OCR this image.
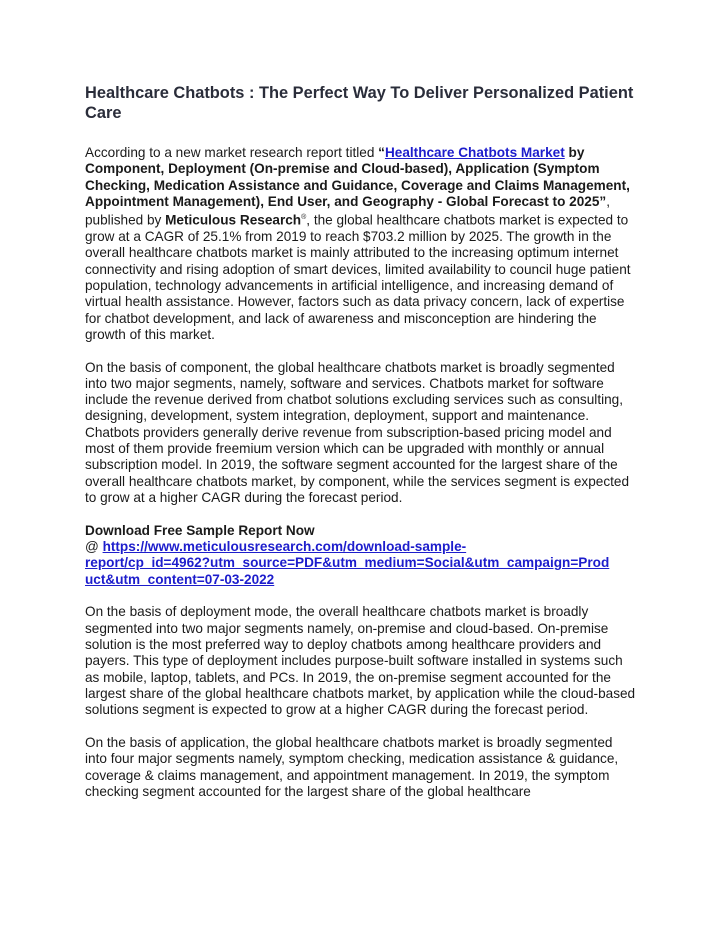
Healthcare Chatbots : The Perfect Way To Deliver Personalized Patient Care

According to a new market research report titled “Healthcare Chatbots Market by Component, Deployment (On-premise and Cloud-based), Application (Symptom Checking, Medication Assistance and Guidance, Coverage and Claims Management, Appointment Management), End User, and Geography - Global Forecast to 2025”, published by Meticulous Research®, the global healthcare chatbots market is expected to grow at a CAGR of 25.1% from 2019 to reach $703.2 million by 2025. The growth in the overall healthcare chatbots market is mainly attributed to the increasing optimum internet connectivity and rising adoption of smart devices, limited availability to council huge patient population, technology advancements in artificial intelligence, and increasing demand of virtual health assistance. However, factors such as data privacy concern, lack of expertise for chatbot development, and lack of awareness and misconception are hindering the growth of this market.

On the basis of component, the global healthcare chatbots market is broadly segmented into two major segments, namely, software and services. Chatbots market for software include the revenue derived from chatbot solutions excluding services such as consulting, designing, development, system integration, deployment, support and maintenance. Chatbots providers generally derive revenue from subscription-based pricing model and most of them provide freemium version which can be upgraded with monthly or annual subscription model. In 2019, the software segment accounted for the largest share of the overall healthcare chatbots market, by component, while the services segment is expected to grow at a higher CAGR during the forecast period.

Download Free Sample Report Now
@ https://www.meticulousresearch.com/download-sample-
report/cp_id=4962?utm_source=PDF&utm_medium=Social&utm_campaign=Prod
uct&utm_content=07-03-2022

On the basis of deployment mode, the overall healthcare chatbots market is broadly segmented into two major segments namely, on-premise and cloud-based. On-premise solution is the most preferred way to deploy chatbots among healthcare providers and payers. This type of deployment includes purpose-built software installed in systems such as mobile, laptop, tablets, and PCs. In 2019, the on-premise segment accounted for the largest share of the global healthcare chatbots market, by application while the cloud-based solutions segment is expected to grow at a higher CAGR during the forecast period.

On the basis of application, the global healthcare chatbots market is broadly segmented into four major segments namely, symptom checking, medication assistance & guidance, coverage & claims management, and appointment management. In 2019, the symptom checking segment accounted for the largest share of the global healthcare
